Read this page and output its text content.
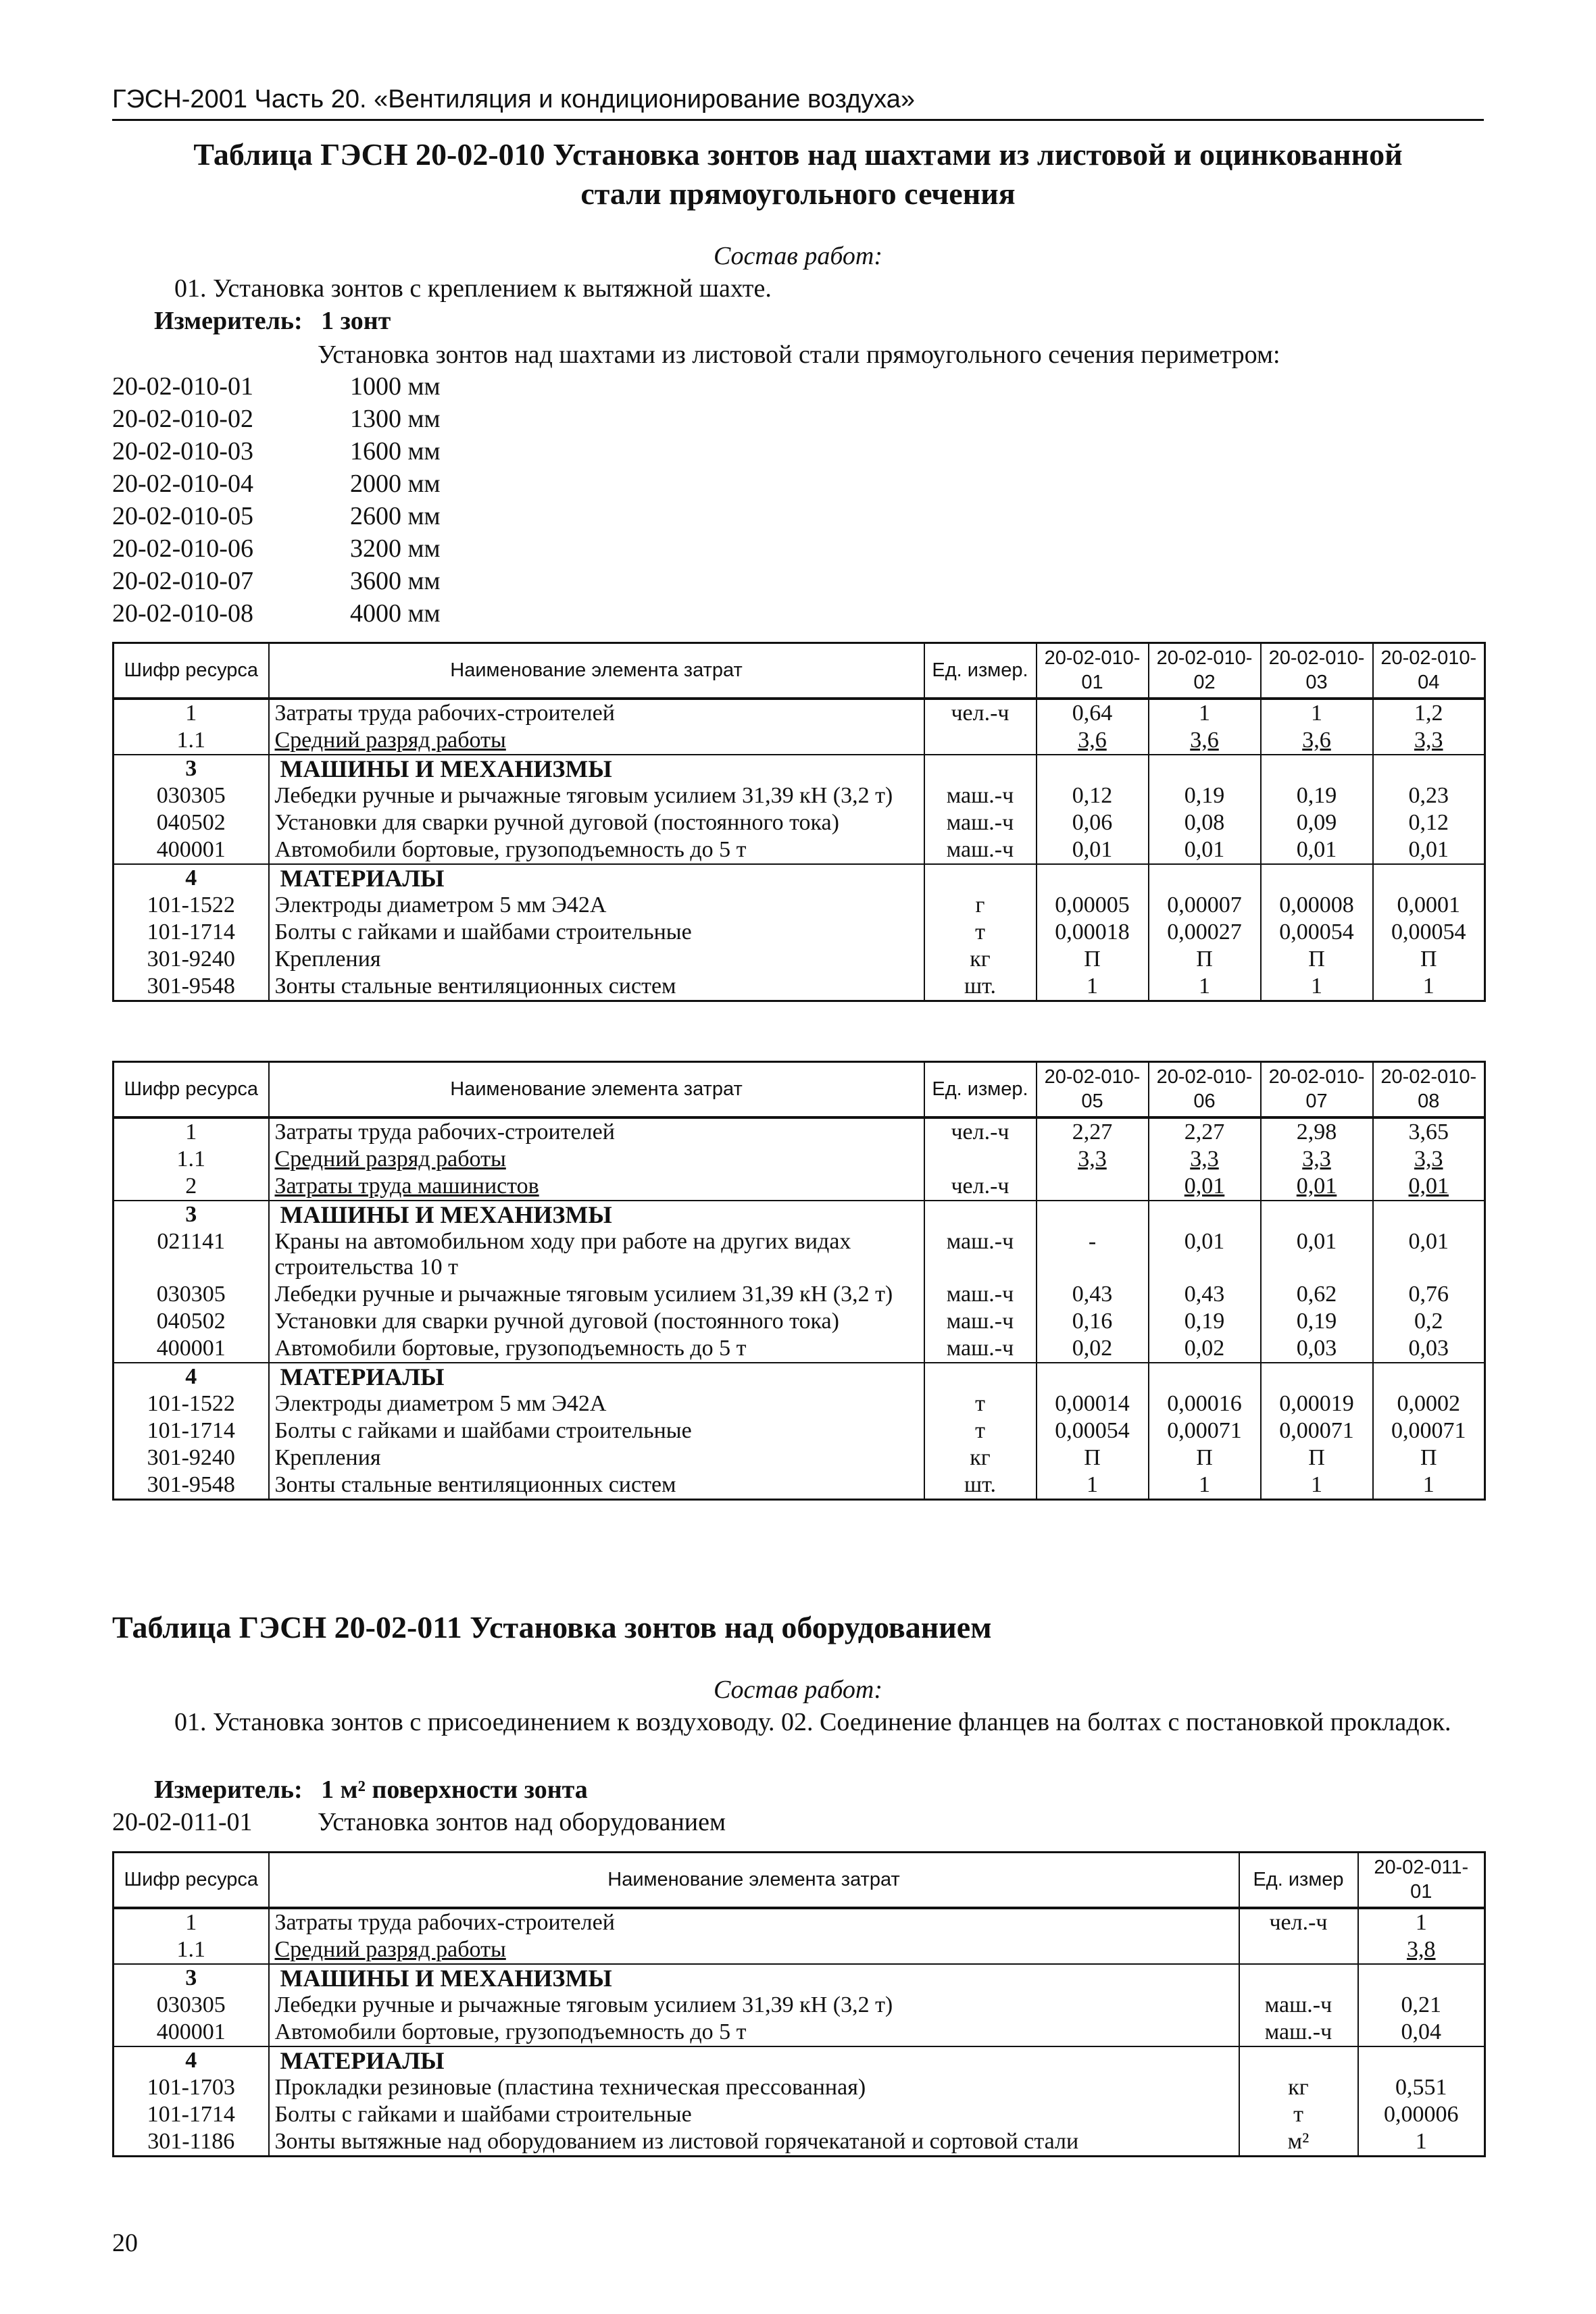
ГЭСН-2001 Часть 20. «Вентиляция и кондиционирование воздуха»
Таблица ГЭСН 20-02-010 Установка зонтов над шахтами из листовой и оцинкованной
стали прямоугольного сечения
Состав работ:
01. Установка зонтов с креплением к вытяжной шахте.
Измеритель: 1 зонт
Установка зонтов над шахтами из листовой стали прямоугольного сечения периметром:
20-02-010-01	1000 мм
20-02-010-02	1300 мм
20-02-010-03	1600 мм
20-02-010-04	2000 мм
20-02-010-05	2600 мм
20-02-010-06	3200 мм
20-02-010-07	3600 мм
20-02-010-08	4000 мм
Шифр ресурса	Наименование элемента затрат	Ед. измер.	20-02-010-01	20-02-010-02	20-02-010-03	20-02-010-04
1	Затраты труда рабочих-строителей	чел.-ч	0,64	1	1	1,2
1.1	Средний разряд работы		3,6	3,6	3,6	3,3
3	МАШИНЫ И МЕХАНИЗМЫ					
030305	Лебедки ручные и рычажные тяговым усилием 31,39 кН (3,2 т)	маш.-ч	0,12	0,19	0,19	0,23
040502	Установки для сварки ручной дуговой (постоянного тока)	маш.-ч	0,06	0,08	0,09	0,12
400001	Автомобили бортовые, грузоподъемность до 5 т	маш.-ч	0,01	0,01	0,01	0,01
4	МАТЕРИАЛЫ					
101-1522	Электроды диаметром 5 мм Э42А	г	0,00005	0,00007	0,00008	0,0001
101-1714	Болты с гайками и шайбами строительные	т	0,00018	0,00027	0,00054	0,00054
301-9240	Крепления	кг	П	П	П	П
301-9548	Зонты стальные вентиляционных систем	шт.	1	1	1	1
Шифр ресурса	Наименование элемента затрат	Ед. измер.	20-02-010-05	20-02-010-06	20-02-010-07	20-02-010-08
1	Затраты труда рабочих-строителей	чел.-ч	2,27	2,27	2,98	3,65
1.1	Средний разряд работы		3,3	3,3	3,3	3,3
2	Затраты труда машинистов	чел.-ч		0,01	0,01	0,01
3	МАШИНЫ И МЕХАНИЗМЫ					
021141	Краны на автомобильном ходу при работе на других видах строительства 10 т	маш.-ч	-	0,01	0,01	0,01
030305	Лебедки ручные и рычажные тяговым усилием 31,39 кН (3,2 т)	маш.-ч	0,43	0,43	0,62	0,76
040502	Установки для сварки ручной дуговой (постоянного тока)	маш.-ч	0,16	0,19	0,19	0,2
400001	Автомобили бортовые, грузоподъемность до 5 т	маш.-ч	0,02	0,02	0,03	0,03
4	МАТЕРИАЛЫ					
101-1522	Электроды диаметром 5 мм Э42А	т	0,00014	0,00016	0,00019	0,0002
101-1714	Болты с гайками и шайбами строительные	т	0,00054	0,00071	0,00071	0,00071
301-9240	Крепления	кг	П	П	П	П
301-9548	Зонты стальные вентиляционных систем	шт.	1	1	1	1
Таблица ГЭСН 20-02-011 Установка зонтов над оборудованием
Состав работ:
01. Установка зонтов с присоединением к воздуховоду. 02. Соединение фланцев на болтах с постановкой прокладок.
Измеритель: 1 м² поверхности зонта
20-02-011-01	Установка зонтов над оборудованием
Шифр ресурса	Наименование элемента затрат	Ед. измер	20-02-011-01
1	Затраты труда рабочих-строителей	чел.-ч	1
1.1	Средний разряд работы		3,8
3	МАШИНЫ И МЕХАНИЗМЫ		
030305	Лебедки ручные и рычажные тяговым усилием 31,39 кН (3,2 т)	маш.-ч	0,21
400001	Автомобили бортовые, грузоподъемность до 5 т	маш.-ч	0,04
4	МАТЕРИАЛЫ		
101-1703	Прокладки резиновые (пластина техническая прессованная)	кг	0,551
101-1714	Болты с гайками и шайбами строительные	т	0,00006
301-1186	Зонты вытяжные над оборудованием из листовой горячекатаной и сортовой стали	м²	1
20
